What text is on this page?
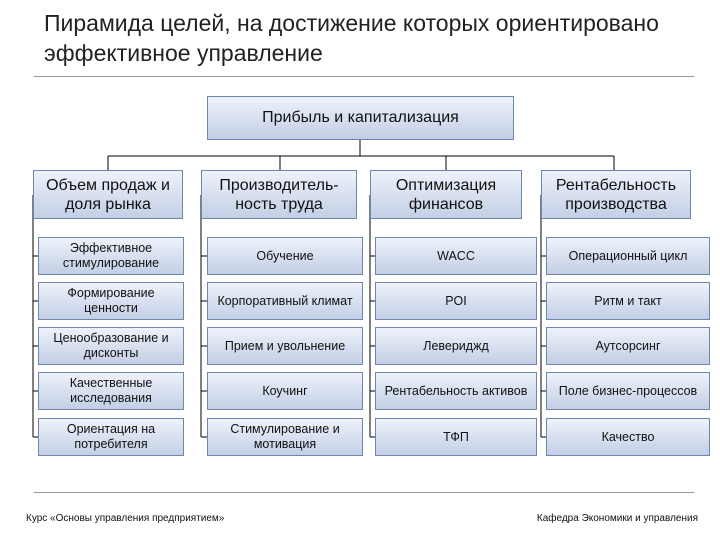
Пирамида целей, на достижение которых ориентировано эффективное управление
Прибыль и капитализация
Объем продаж и доля рынка
Производитель-ность труда
Оптимизация финансов
Рентабельность производства
Эффективное стимулирование
Формирование ценности
Ценообразование и дисконты
Качественные исследования
Ориентация на потребителя
Обучение
Корпоративный климат
Прием и увольнение
Коучинг
Стимулирование и мотивация
WACC
POI
Левериджд
Рентабельность активов
ТФП
Операционный цикл
Ритм и такт
Аутсорсинг
Поле бизнес-процессов
Качество
Курс «Основы управления предприятием»	Кафедра Экономики и управления
